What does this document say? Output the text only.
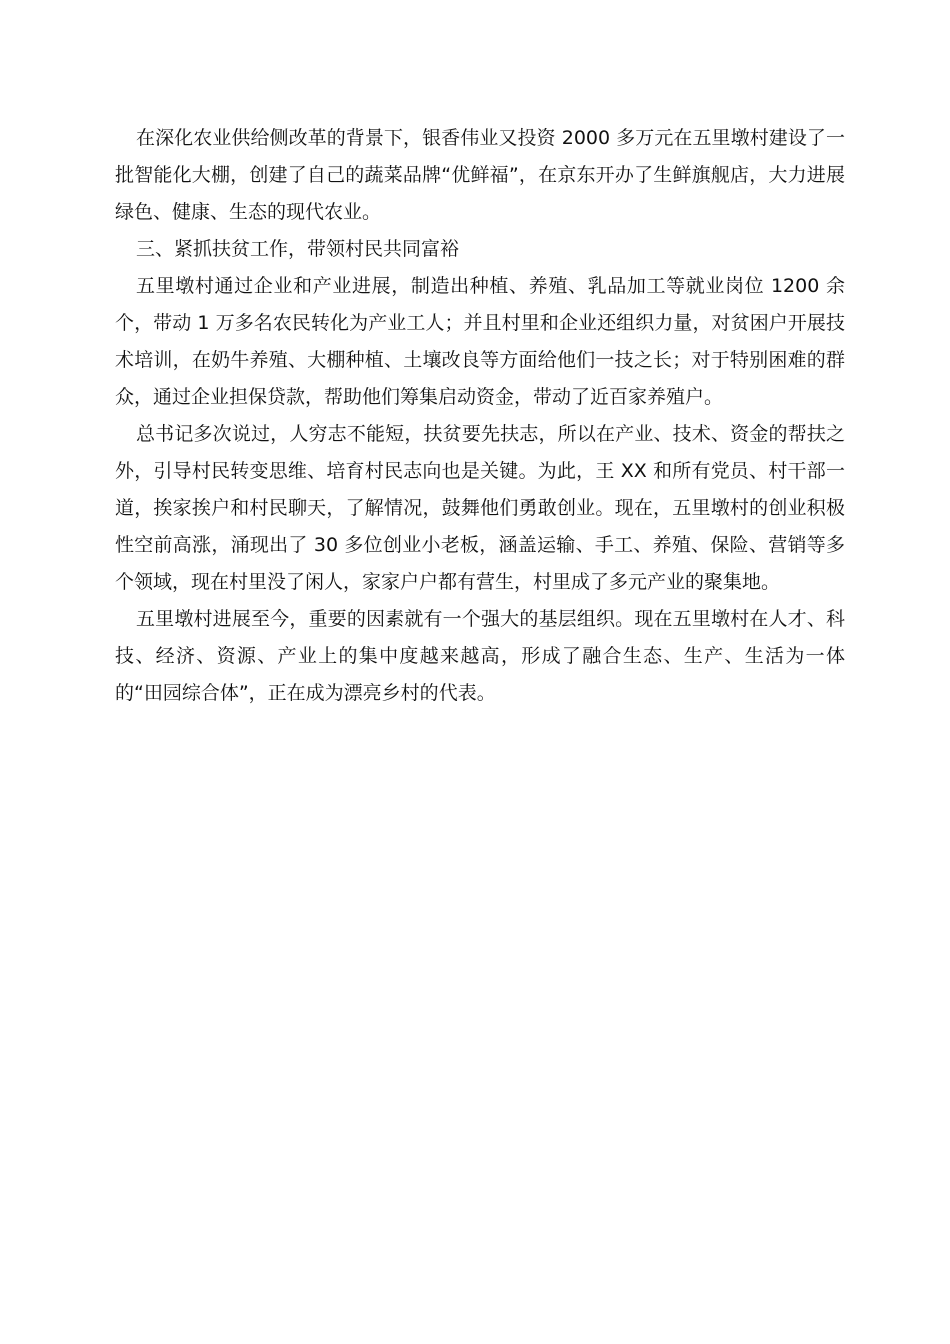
在深化农业供给侧改革的背景下，银香伟业又投资 2000 多万元在五里墩村建设了一批智能化大棚，创建了自己的蔬菜品牌“优鲜福”，在京东开办了生鲜旗舰店，大力进展绿色、健康、生态的现代农业。

三、紧抓扶贫工作，带领村民共同富裕

五里墩村通过企业和产业进展，制造出种植、养殖、乳品加工等就业岗位 1200 余个，带动 1 万多名农民转化为产业工人；并且村里和企业还组织力量，对贫困户开展技术培训，在奶牛养殖、大棚种植、土壤改良等方面给他们一技之长；对于特别困难的群众，通过企业担保贷款，帮助他们筹集启动资金，带动了近百家养殖户。

总书记多次说过，人穷志不能短，扶贫要先扶志，所以在产业、技术、资金的帮扶之外，引导村民转变思维、培育村民志向也是关键。为此，王 XX 和所有党员、村干部一道，挨家挨户和村民聊天，了解情况，鼓舞他们勇敢创业。现在，五里墩村的创业积极性空前高涨，涌现出了 30 多位创业小老板，涵盖运输、手工、养殖、保险、营销等多个领域，现在村里没了闲人，家家户户都有营生，村里成了多元产业的聚集地。

五里墩村进展至今，重要的因素就有一个强大的基层组织。现在五里墩村在人才、科技、经济、资源、产业上的集中度越来越高，形成了融合生态、生产、生活为一体的“田园综合体”，正在成为漂亮乡村的代表。
